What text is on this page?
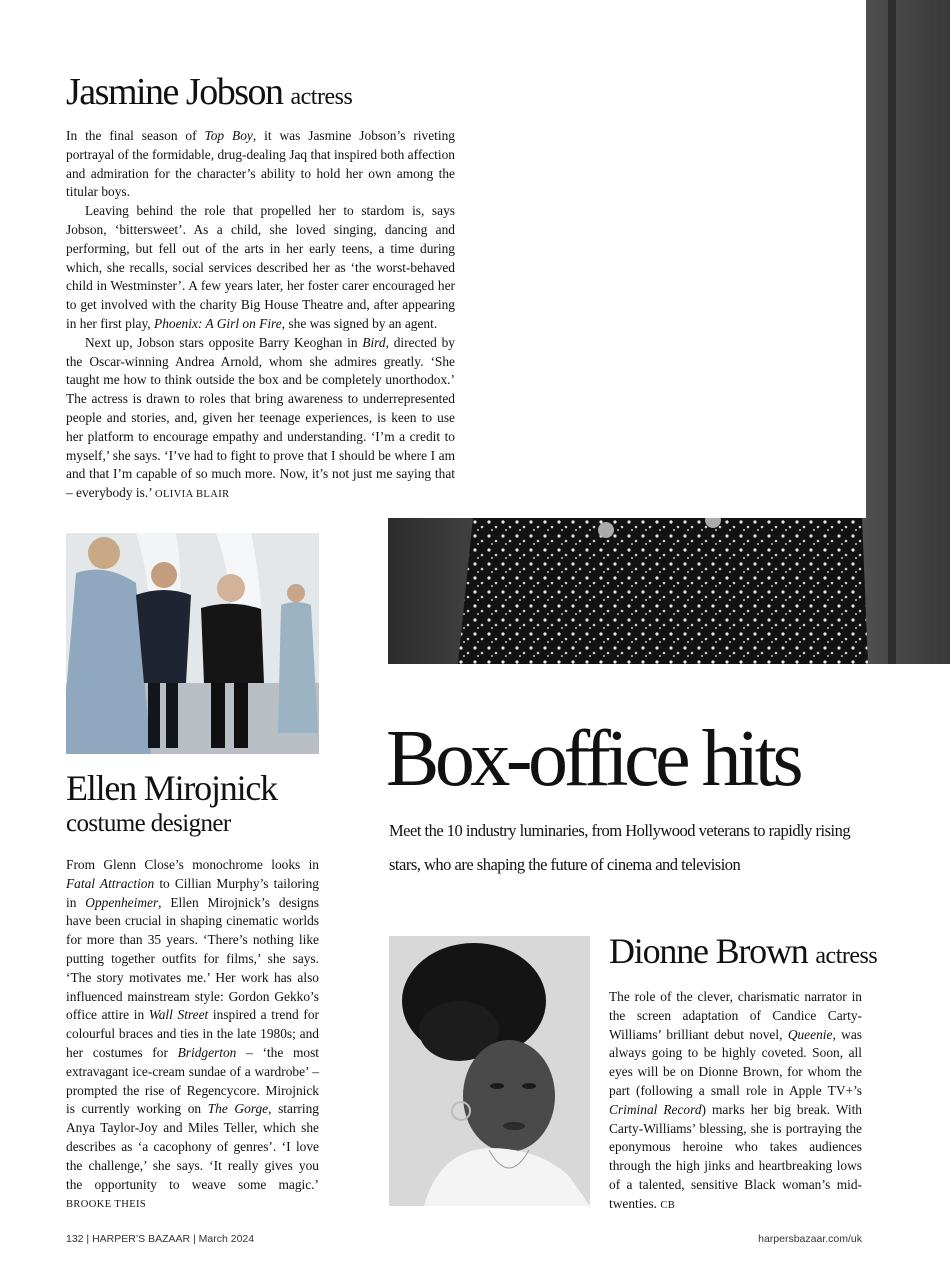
Jasmine Jobson actress

In the final season of Top Boy, it was Jasmine Jobson’s riveting portrayal of the formidable, drug-dealing Jaq that inspired both affection and admiration for the character’s ability to hold her own among the titular boys.

Leaving behind the role that propelled her to stardom is, says Jobson, ‘bittersweet’. As a child, she loved singing, dancing and performing, but fell out of the arts in her early teens, a time during which, she recalls, social services described her as ‘the worst-behaved child in Westminster’. A few years later, her foster carer encouraged her to get involved with the charity Big House Theatre and, after appearing in her first play, Phoenix: A Girl on Fire, she was signed by an agent.

Next up, Jobson stars opposite Barry Keoghan in Bird, directed by the Oscar-winning Andrea Arnold, whom she admires greatly. ‘She taught me how to think outside the box and be completely unorthodox.’ The actress is drawn to roles that bring awareness to underrepresented people and stories, and, given her teenage experiences, is keen to use her platform to encourage empathy and understanding. ‘I’m a credit to myself,’ she says. ‘I’ve had to fight to prove that I should be where I am and that I’m capable of so much more. Now, it’s not just me saying that – everybody is.’ OLIVIA BLAIR

Ellen Mirojnick
costume designer

From Glenn Close’s monochrome looks in Fatal Attraction to Cillian Murphy’s tailoring in Oppenheimer, Ellen Mirojnick’s designs have been crucial in shaping cinematic worlds for more than 35 years. ‘There’s nothing like putting together outfits for films,’ she says. ‘The story motivates me.’ Her work has also influenced mainstream style: Gordon Gekko’s office attire in Wall Street inspired a trend for colourful braces and ties in the late 1980s; and her costumes for Bridgerton – ‘the most extravagant ice-cream sundae of a wardrobe’ – prompted the rise of Regencycore. Mirojnick is currently working on The Gorge, starring Anya Taylor-Joy and Miles Teller, which she describes as ‘a cacophony of genres’. ‘I love the challenge,’ she says. ‘It really gives you the opportunity to weave some magic.’ BROOKE THEIS

Box-office hits

Meet the 10 industry luminaries, from Hollywood veterans to rapidly rising stars, who are shaping the future of cinema and television

Dionne Brown actress

The role of the clever, charismatic narrator in the screen adaptation of Candice Carty-Williams’ brilliant debut novel, Queenie, was always going to be highly coveted. Soon, all eyes will be on Dionne Brown, for whom the part (following a small role in Apple TV+’s Criminal Record) marks her big break. With Carty-Williams’ blessing, she is portraying the eponymous heroine who takes audiences through the high jinks and heartbreaking lows of a talented, sensitive Black woman’s mid-twenties. CB

132 | HARPER’S BAZAAR | March 2024	harpersbazaar.com/uk
